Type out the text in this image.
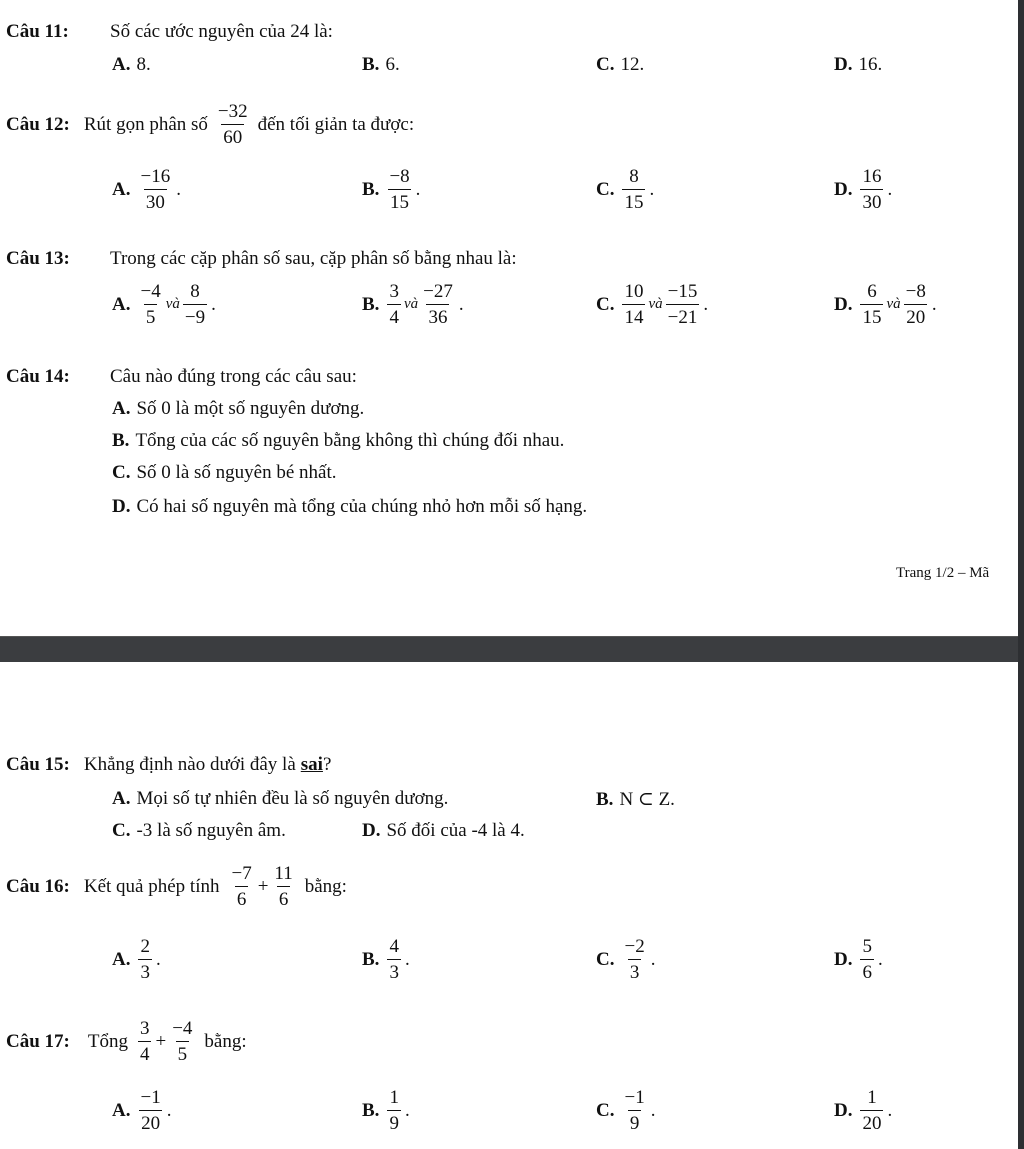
Câu 11: Số các ước nguyên của 24 là:
A. 8.	B. 6.	C. 12.	D. 16.
Câu 12: Rút gọn phân số $\frac{-32}{60}$ đến tối giản ta được:
A. $\frac{-16}{30}$ .	B. $\frac{-8}{15}$ .	C. $\frac{8}{15}$ .	D. $\frac{16}{30}$ .
Câu 13: Trong các cặp phân số sau, cặp phân số bằng nhau là:
A. $\frac{-4}{5}$ và $\frac{8}{-9}$ .	B. $\frac{3}{4}$ và $\frac{-27}{36}$ .	C. $\frac{10}{14}$ và $\frac{-15}{-21}$ .	D. $\frac{6}{15}$ và $\frac{-8}{20}$ .
Câu 14: Câu nào đúng trong các câu sau:
A. Số 0 là một số nguyên dương.
B. Tổng của các số nguyên bằng không thì chúng đối nhau.
C. Số 0 là số nguyên bé nhất.
D. Có hai số nguyên mà tổng của chúng nhỏ hơn mỗi số hạng.
Trang 1/2 – Mã
Câu 15: Khẳng định nào dưới đây là sai ?
A. Mọi số tự nhiên đều là số nguyên dương.	B. N ⊂ Z.
C. -3 là số nguyên âm.	D. Số đối của -4 là 4.
Câu 16: Kết quả phép tính $\frac{-7}{6} + \frac{11}{6}$ bằng:
A. $\frac{2}{3}$ .	B. $\frac{4}{3}$ .	C. $\frac{-2}{3}$ .	D. $\frac{5}{6}$ .
Câu 17: Tổng $\frac{3}{4} + \frac{-4}{5}$ bằng:
A. $\frac{-1}{20}$ .	B. $\frac{1}{9}$ .	C. $\frac{-1}{9}$ .	D. $\frac{1}{20}$ .
